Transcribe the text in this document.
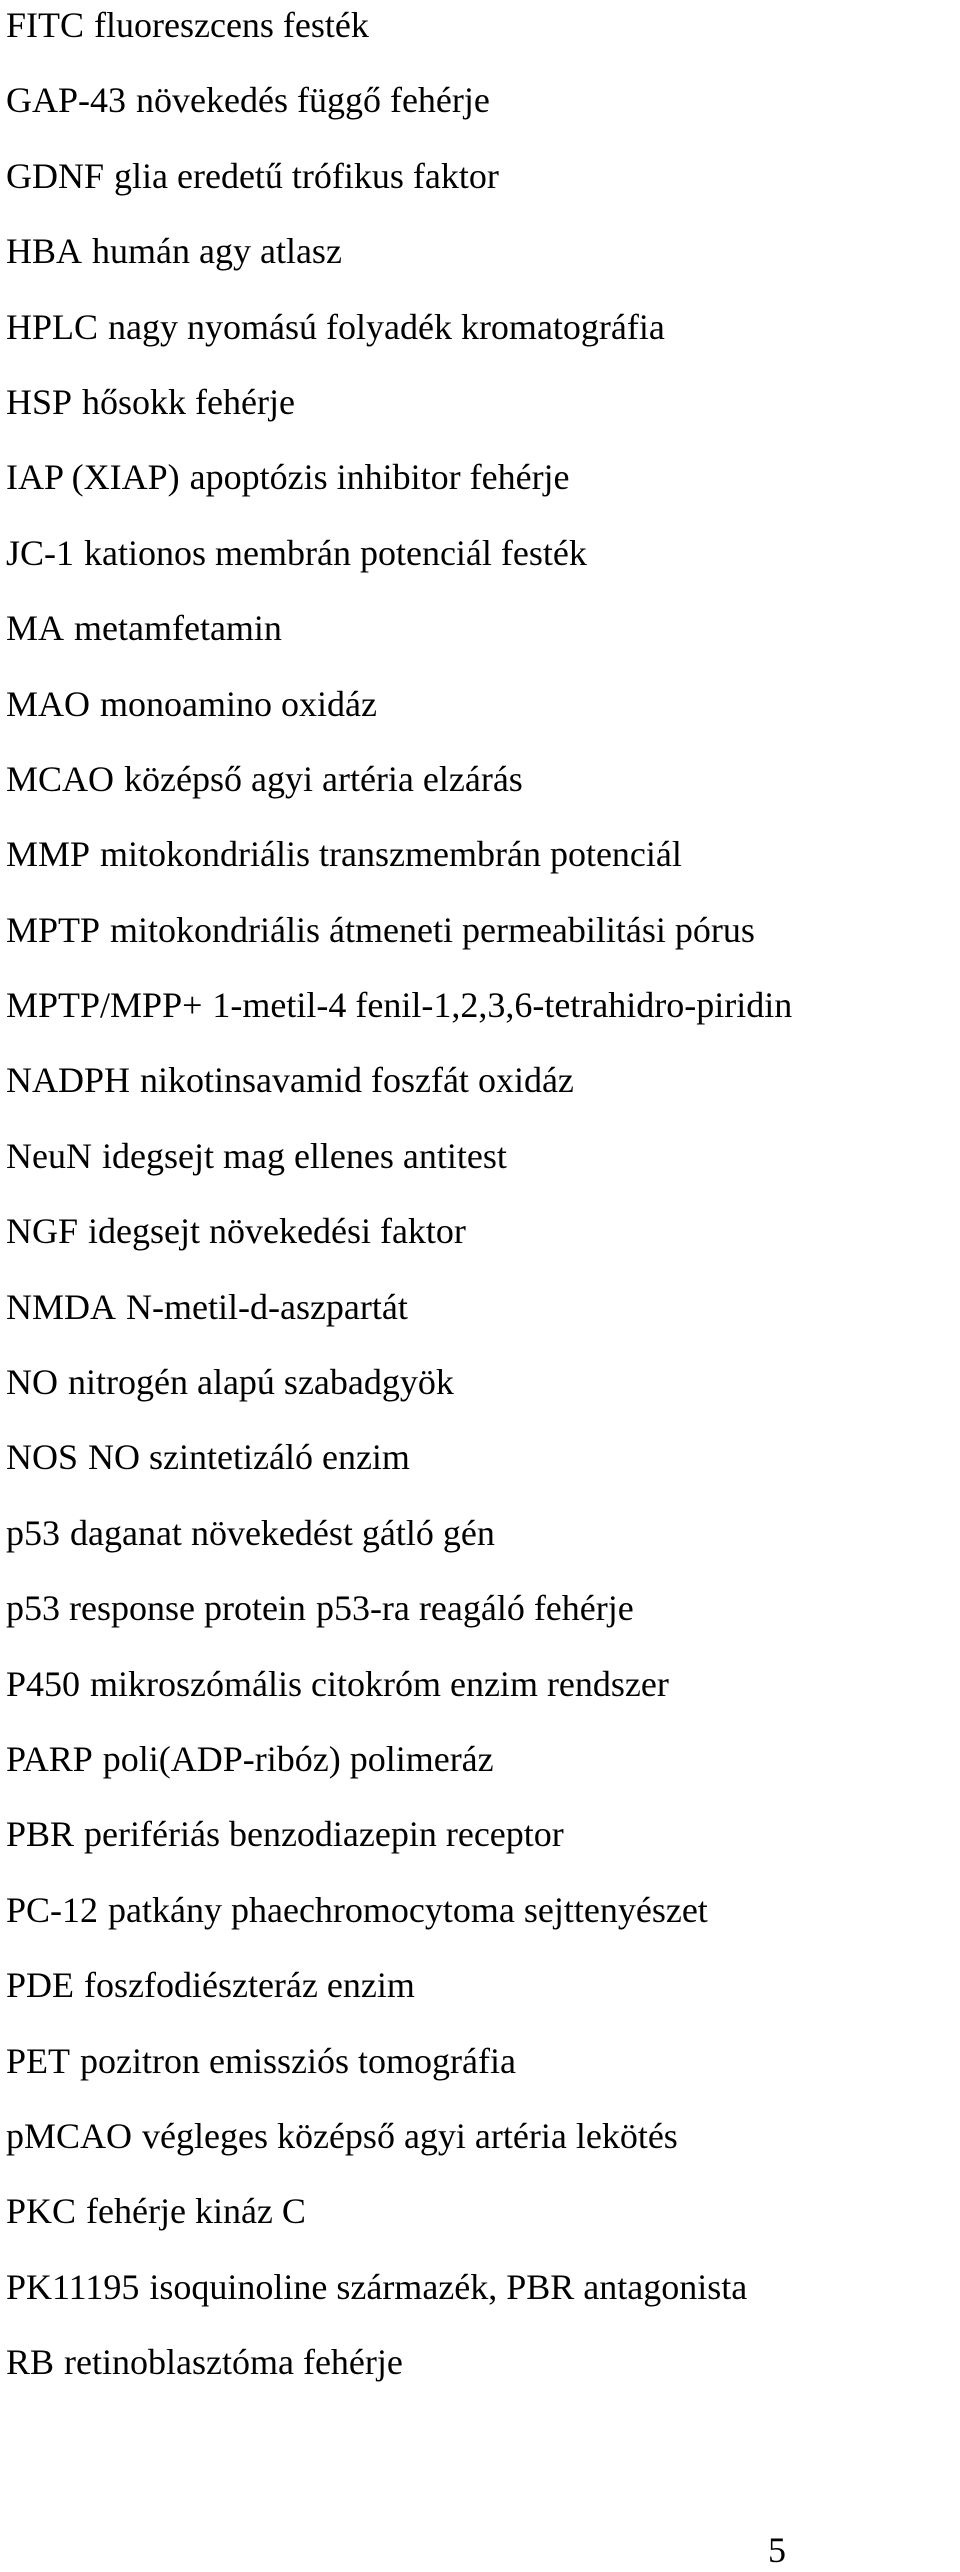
FITC fluoreszcens festék
GAP-43 növekedés függő fehérje
GDNF glia eredetű trófikus faktor
HBA humán agy atlasz
HPLC nagy nyomású folyadék kromatográfia
HSP hősokk fehérje
IAP (XIAP) apoptózis inhibitor fehérje
JC-1 kationos membrán potenciál festék
MA metamfetamin
MAO monoamino oxidáz
MCAO középső agyi artéria elzárás
MMP mitokondriális transzmembrán potenciál
MPTP mitokondriális átmeneti permeabilitási pórus
MPTP/MPP+ 1-metil-4 fenil-1,2,3,6-tetrahidro-piridin
NADPH nikotinsavamid foszfát oxidáz
NeuN idegsejt mag ellenes antitest
NGF idegsejt növekedési faktor
NMDA N-metil-d-aszpartát
NO nitrogén alapú szabadgyök
NOS NO szintetizáló enzim
p53 daganat növekedést gátló gén
p53 response protein p53-ra reagáló fehérje
P450 mikroszómális citokróm enzim rendszer
PARP poli(ADP-ribóz) polimeráz
PBR perifériás benzodiazepin receptor
PC-12 patkány phaechromocytoma sejttenyészet
PDE foszfodiészteráz enzim
PET pozitron emissziós tomográfia
pMCAO végleges középső agyi artéria lekötés
PKC fehérje kináz C
PK11195 isoquinoline származék, PBR antagonista
RB retinoblasztóma fehérje
5
